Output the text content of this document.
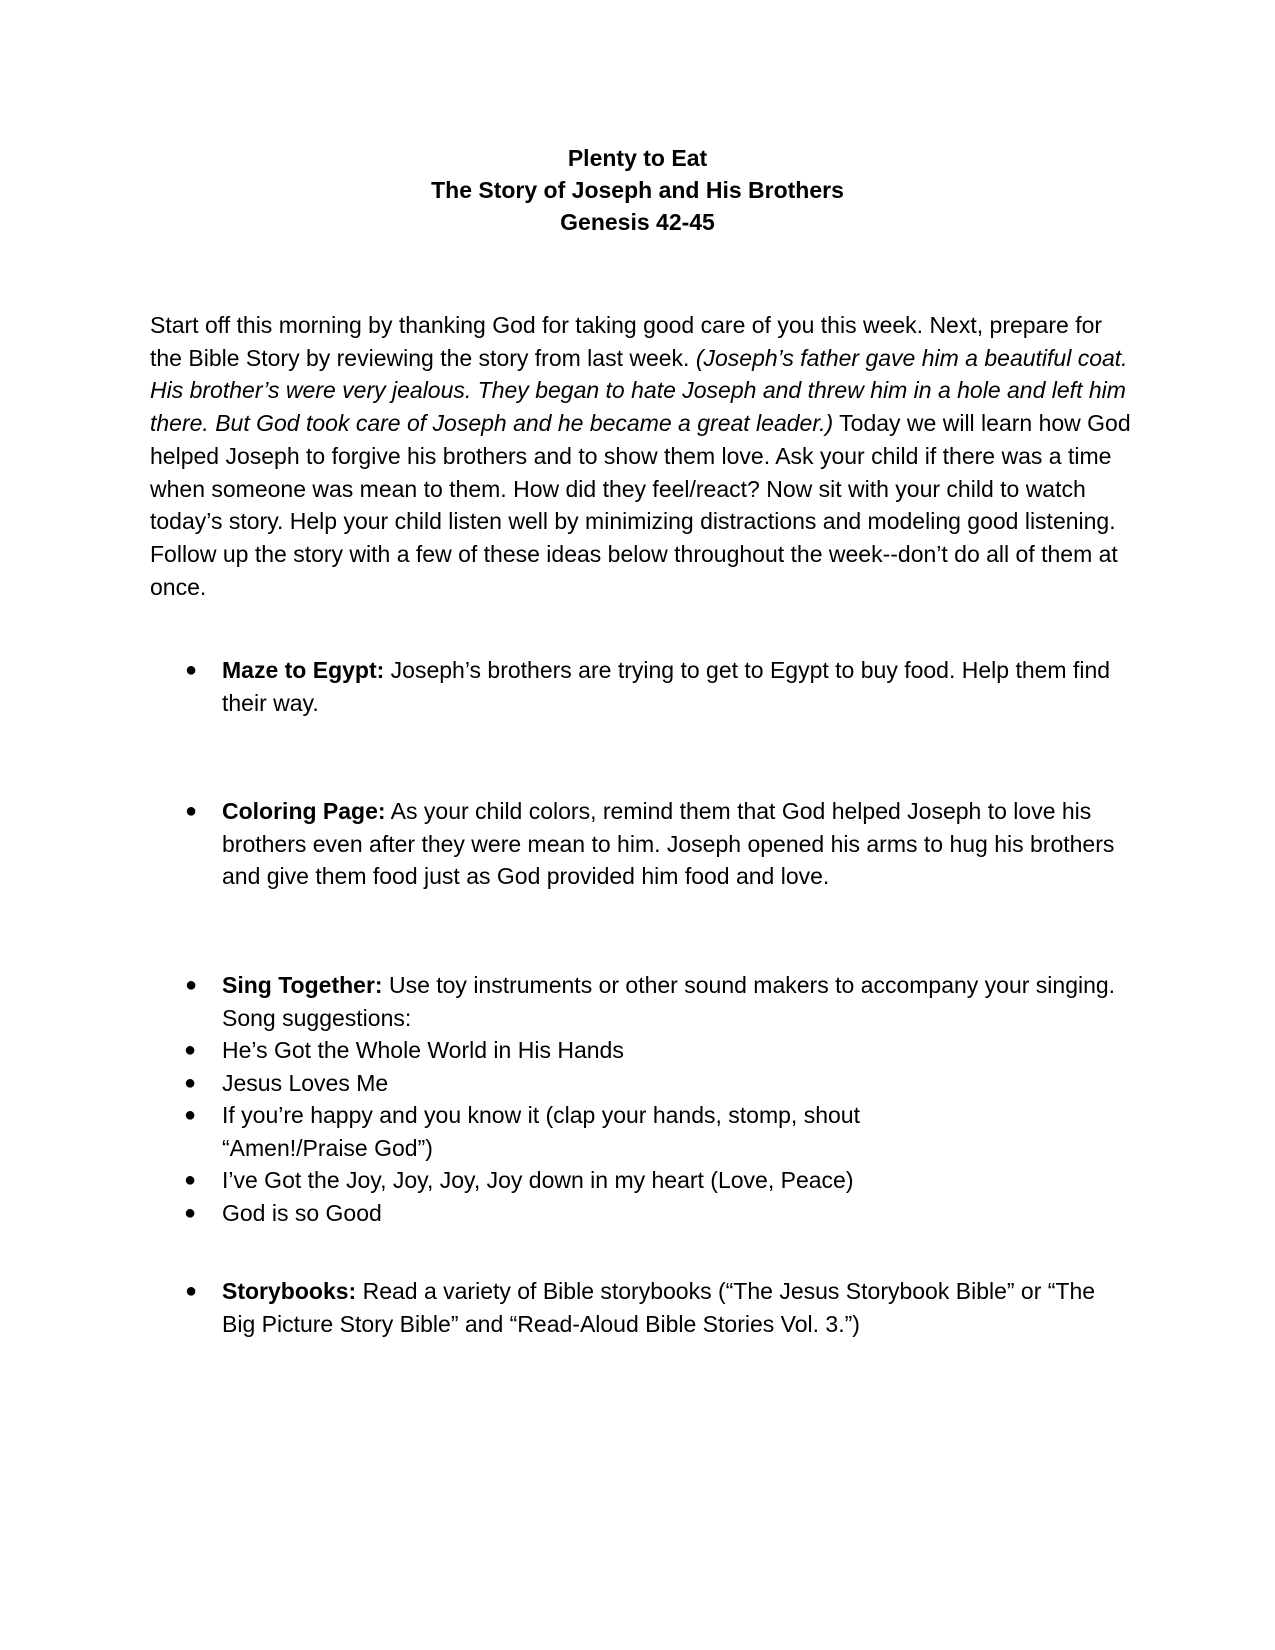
Plenty to Eat
The Story of Joseph and His Brothers
Genesis 42-45

Start off this morning by thanking God for taking good care of you this week. Next, prepare for the Bible Story by reviewing the story from last week. (Joseph’s father gave him a beautiful coat. His brother’s were very jealous. They began to hate Joseph and threw him in a hole and left him there. But God took care of Joseph and he became a great leader.) Today we will learn how God helped Joseph to forgive his brothers and to show them love. Ask your child if there was a time when someone was mean to them. How did they feel/react? Now sit with your child to watch today’s story. Help your child listen well by minimizing distractions and modeling good listening. Follow up the story with a few of these ideas below throughout the week--don’t do all of them at once.

● Maze to Egypt: Joseph’s brothers are trying to get to Egypt to buy food. Help them find their way.
● Coloring Page: As your child colors, remind them that God helped Joseph to love his brothers even after they were mean to him. Joseph opened his arms to hug his brothers and give them food just as God provided him food and love.
● Sing Together: Use toy instruments or other sound makers to accompany your singing. Song suggestions:
● He’s Got the Whole World in His Hands
● Jesus Loves Me
● If you’re happy and you know it (clap your hands, stomp, shout “Amen!/Praise God”)
● I’ve Got the Joy, Joy, Joy, Joy down in my heart (Love, Peace)
● God is so Good
● Storybooks: Read a variety of Bible storybooks (“The Jesus Storybook Bible” or “The Big Picture Story Bible” and “Read-Aloud Bible Stories Vol. 3.”)
